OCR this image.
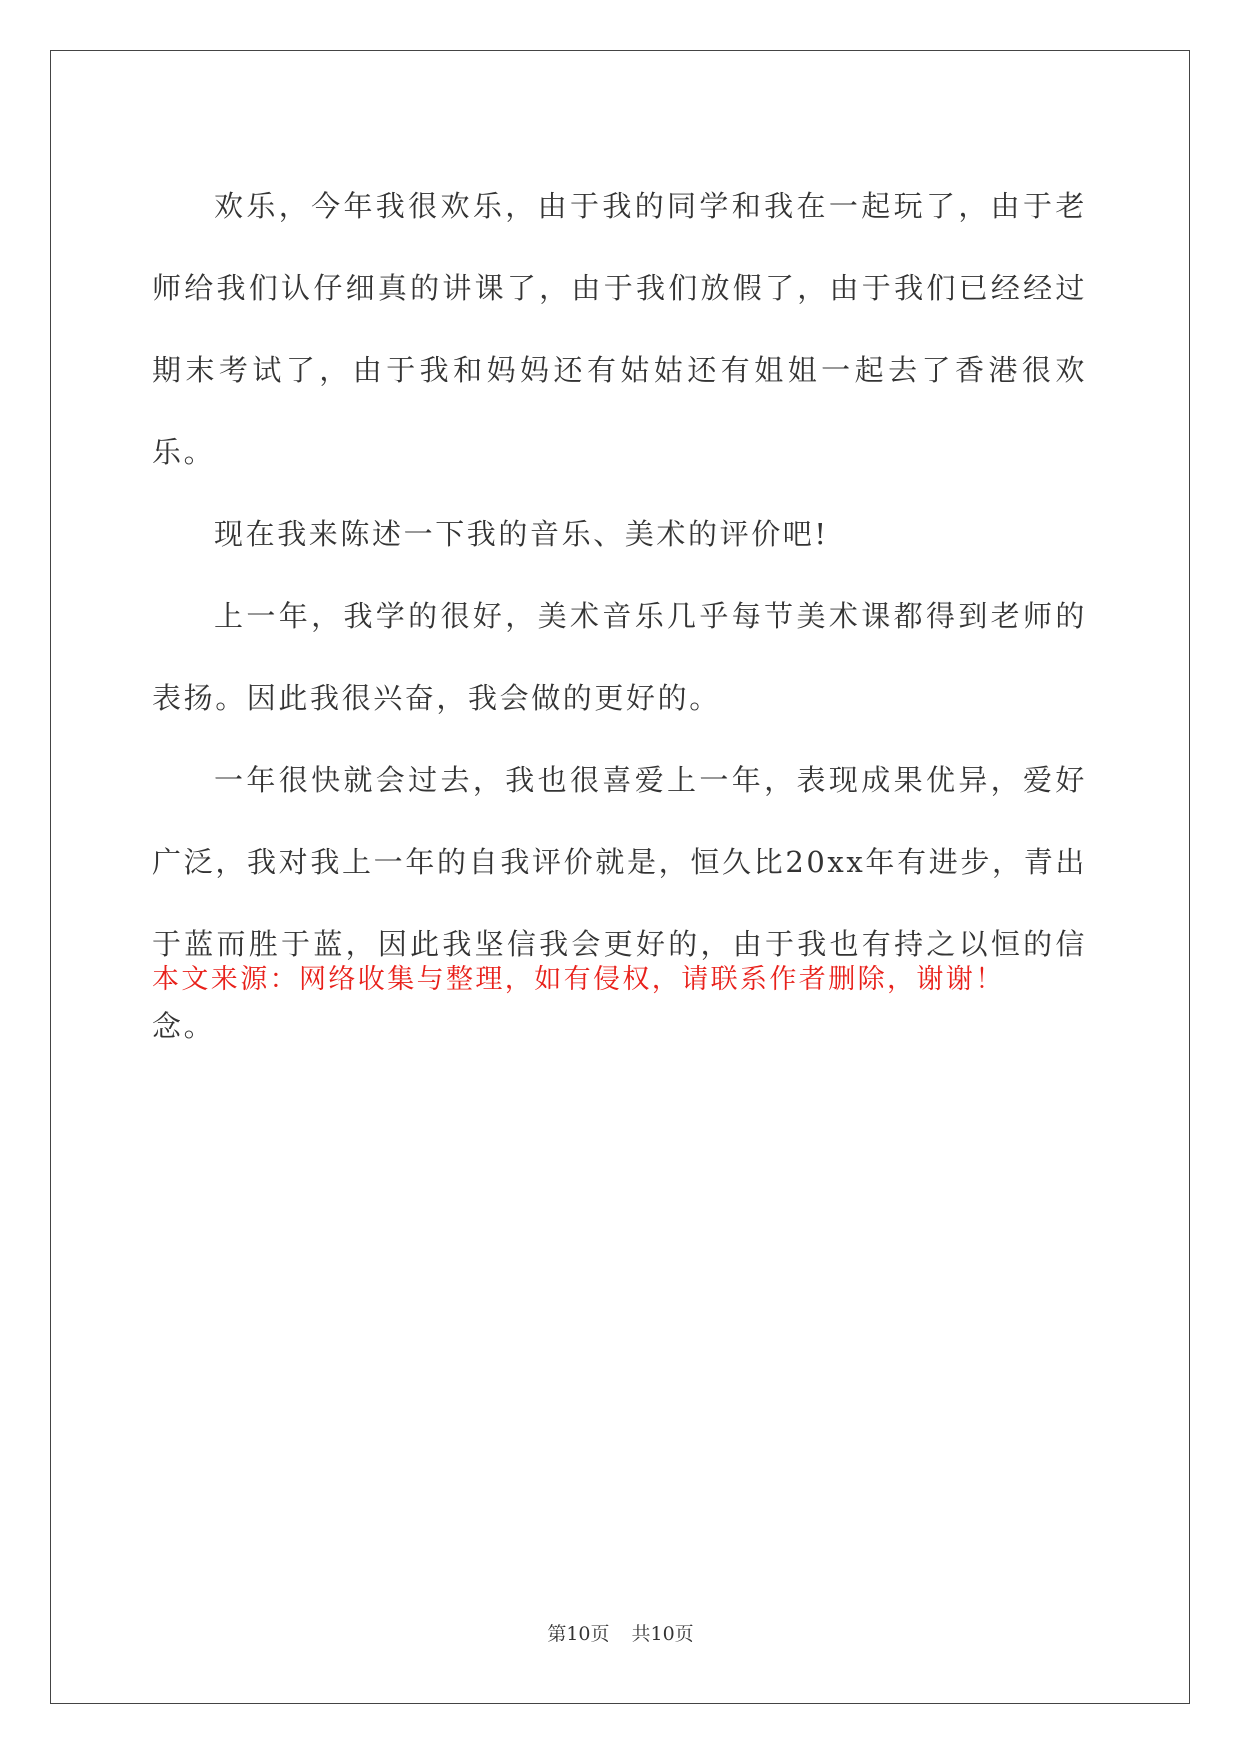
欢乐，今年我很欢乐，由于我的同学和我在一起玩了，由于老师给我们认仔细真的讲课了，由于我们放假了，由于我们已经经过期末考试了，由于我和妈妈还有姑姑还有姐姐一起去了香港很欢乐。

现在我来陈述一下我的音乐、美术的评价吧!

上一年，我学的很好，美术音乐几乎每节美术课都得到老师的表扬。因此我很兴奋，我会做的更好的。

一年很快就会过去，我也很喜爱上一年，表现成果优异，爱好广泛，我对我上一年的自我评价就是，恒久比20xx年有进步，青出于蓝而胜于蓝，因此我坚信我会更好的，由于我也有持之以恒的信念。

本文来源：网络收集与整理，如有侵权，请联系作者删除，谢谢！

第10页 共10页
